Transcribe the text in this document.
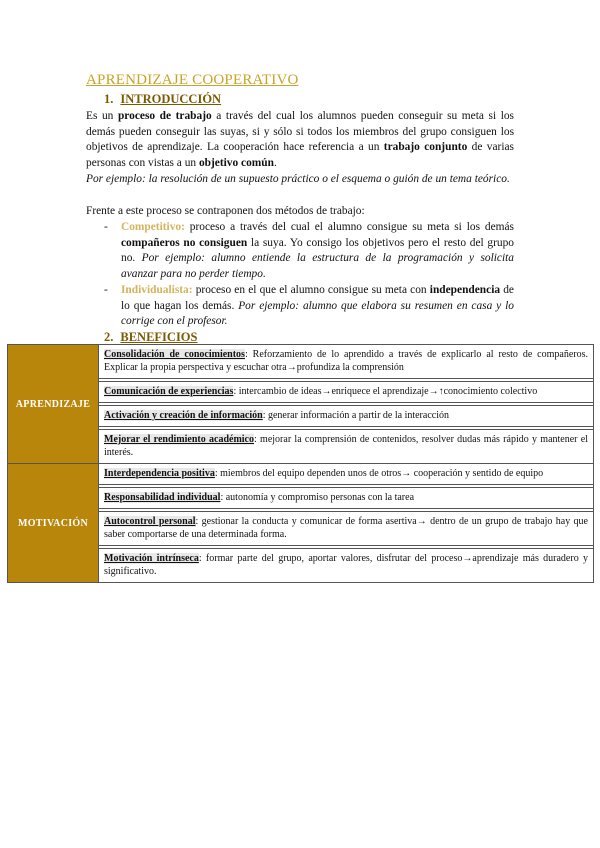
APRENDIZAJE COOPERATIVO
1. INTRODUCCIÓN

Es un proceso de trabajo a través del cual los alumnos pueden conseguir su meta si los demás pueden conseguir las suyas, si y sólo si todos los miembros del grupo consiguen los objetivos de aprendizaje. La cooperación hace referencia a un trabajo conjunto de varias personas con vistas a un objetivo común.

Por ejemplo: la resolución de un supuesto práctico o el esquema o guión de un tema teórico.

Frente a este proceso se contraponen dos métodos de trabajo:

- Competitivo: proceso a través del cual el alumno consigue su meta si los demás compañeros no consiguen la suya. Yo consigo los objetivos pero el resto del grupo no. Por ejemplo: alumno entiende la estructura de la programación y solicita avanzar para no perder tiempo.
- Individualista: proceso en el que el alumno consigue su meta con independencia de lo que hagan los demás. Por ejemplo: alumno que elabora su resumen en casa y lo corrige con el profesor.
2. BENEFICIOS
APRENDIZAJE	Consolidación de conocimientos: Reforzamiento de lo aprendido a través de explicarlo al resto de compañeros. Explicar la propia perspectiva y escuchar otra→profundiza la comprensión

	Comunicación de experiencias: intercambio de ideas→enriquece el aprendizaje→↑conocimiento colectivo

	Activación y creación de información: generar información a partir de la interacción

	Mejorar el rendimiento académico: mejorar la comprensión de contenidos, resolver dudas más rápido y mantener el interés.
MOTIVACIÓN	Interdependencia positiva: miembros del equipo dependen unos de otros→ cooperación y sentido de equipo

	Responsabilidad individual: autonomía y compromiso personas con la tarea

	Autocontrol personal: gestionar la conducta y comunicar de forma asertiva→ dentro de un grupo de trabajo hay que saber comportarse de una determinada forma.

	Motivación intrínseca: formar parte del grupo, aportar valores, disfrutar del proceso→aprendizaje más duradero y significativo.
